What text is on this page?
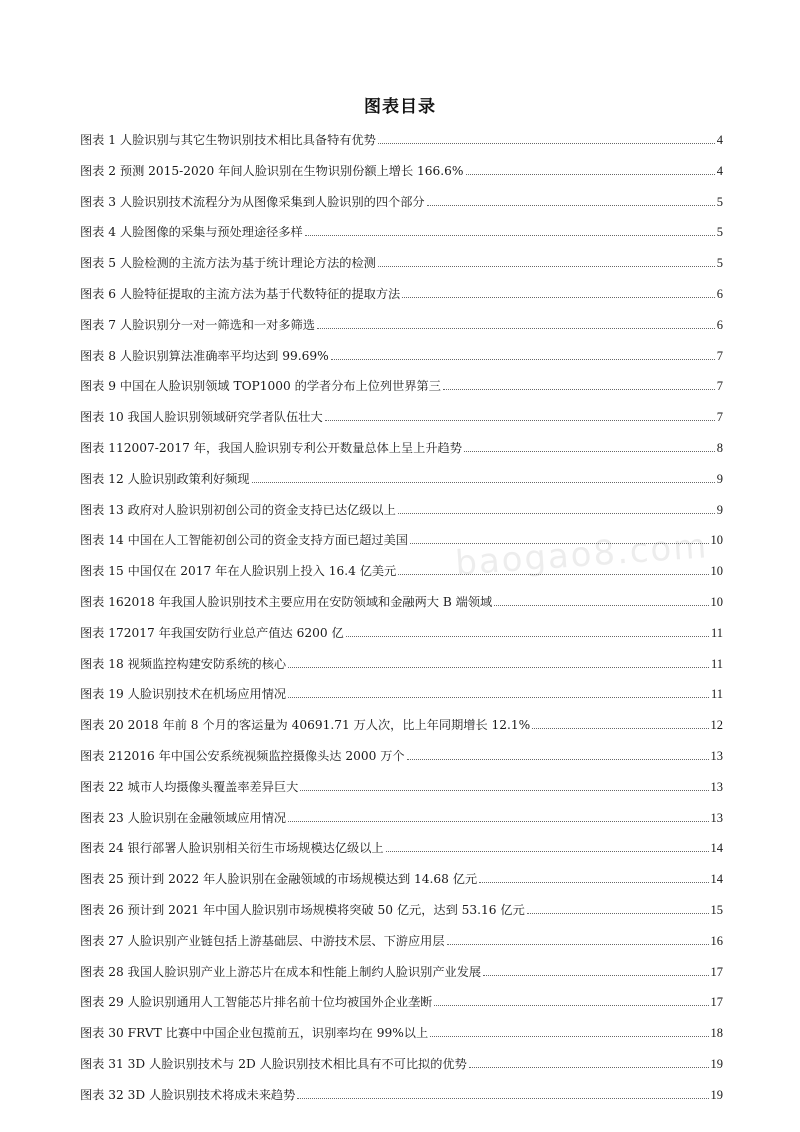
图表目录
图表 1 人脸识别与其它生物识别技术相比具备特有优势	4
图表 2 预测 2015-2020 年间人脸识别在生物识别份额上增长 166.6%	4
图表 3 人脸识别技术流程分为从图像采集到人脸识别的四个部分	5
图表 4 人脸图像的采集与预处理途径多样	5
图表 5 人脸检测的主流方法为基于统计理论方法的检测	5
图表 6 人脸特征提取的主流方法为基于代数特征的提取方法	6
图表 7 人脸识别分一对一筛选和一对多筛选	6
图表 8 人脸识别算法准确率平均达到 99.69%	7
图表 9 中国在人脸识别领域 TOP1000 的学者分布上位列世界第三	7
图表 10 我国人脸识别领域研究学者队伍壮大	7
图表 112007-2017 年，我国人脸识别专利公开数量总体上呈上升趋势	8
图表 12 人脸识别政策利好频现	9
图表 13 政府对人脸识别初创公司的资金支持已达亿级以上	9
图表 14 中国在人工智能初创公司的资金支持方面已超过美国	10
图表 15 中国仅在 2017 年在人脸识别上投入 16.4 亿美元	10
图表 162018 年我国人脸识别技术主要应用在安防领域和金融两大 B 端领域	10
图表 172017 年我国安防行业总产值达 6200 亿	11
图表 18 视频监控构建安防系统的核心	11
图表 19 人脸识别技术在机场应用情况	11
图表 20 2018 年前 8 个月的客运量为 40691.71 万人次，比上年同期增长 12.1%	12
图表 212016 年中国公安系统视频监控摄像头达 2000 万个	13
图表 22 城市人均摄像头覆盖率差异巨大	13
图表 23 人脸识别在金融领域应用情况	13
图表 24 银行部署人脸识别相关衍生市场规模达亿级以上	14
图表 25 预计到 2022 年人脸识别在金融领域的市场规模达到 14.68 亿元	14
图表 26 预计到 2021 年中国人脸识别市场规模将突破 50 亿元，达到 53.16 亿元	15
图表 27 人脸识别产业链包括上游基础层、中游技术层、下游应用层	16
图表 28 我国人脸识别产业上游芯片在成本和性能上制约人脸识别产业发展	17
图表 29 人脸识别通用人工智能芯片排名前十位均被国外企业垄断	17
图表 30 FRVT 比赛中中国企业包揽前五，识别率均在 99%以上	18
图表 31 3D 人脸识别技术与 2D 人脸识别技术相比具有不可比拟的优势	19
图表 32 3D 人脸识别技术将成未来趋势	19
baogao8.com
